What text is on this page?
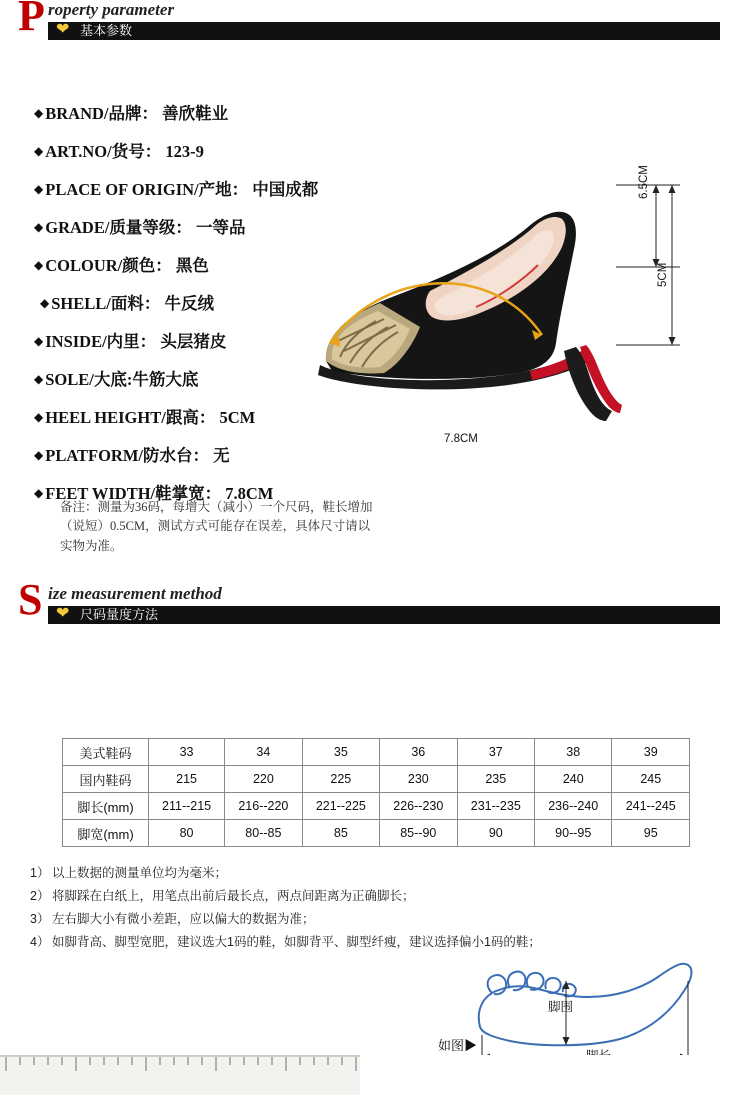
P roperty parameter
❤ 基本参数
◆ BRAND/品牌： 善欣鞋业
◆ ART.NO/货号： 123-9
◆ PLACE OF ORIGIN/产地： 中国成都
◆ GRADE/质量等级： 一等品
◆ COLOUR/颜色： 黑色
◆ SHELL/面料： 牛反绒
◆ INSIDE/内里： 头层猪皮
◆ SOLE/大底:牛筋大底
◆ HEEL HEIGHT/跟高： 5CM
◆ PLATFORM/防水台： 无
◆ FEET WIDTH/鞋掌宽： 7.8CM
备注：测量为36码，每增大（减小）一个尺码，鞋长增加（说短）0.5CM，测试方式可能存在误差，具体尺寸请以实物为准。
6.5CM
5CM
7.8CM
S ize measurement method
❤ 尺码量度方法
美式鞋码	33	34	35	36	37	38	39
国内鞋码	215	220	225	230	235	240	245
脚长(mm)	211--215	216--220	221--225	226--230	231--235	236--240	241--245
脚宽(mm)	80	80--85	85	85--90	90	90--95	95
1） 以上数据的测量单位均为毫米；
2） 将脚踩在白纸上，用笔点出前后最长点，两点间距离为正确脚长；
3） 左右脚大小有微小差距，应以偏大的数据为准；
4） 如脚背高、脚型宽肥，建议选大1码的鞋，如脚背平、脚型纤瘦，建议选择偏小1码的鞋；
如图▶
脚围
